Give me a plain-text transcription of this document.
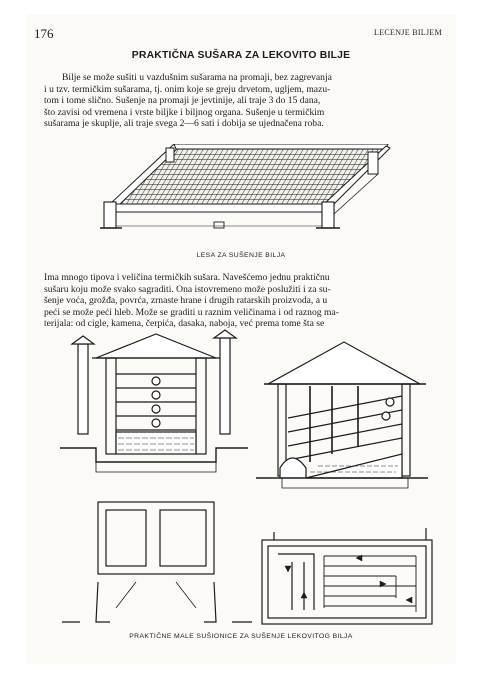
176	LECENJE BILJEM
PRAKTIČNA SUŠARA ZA LEKOVITO BILJE
Bilje se može sušiti u vazdušnim sušarama na promaji, bez zagrevanja
i u tzv. termičkim sušarama, tj. onim koje se greju drvetom, ugljem, mazu-
tom i tome slično. Sušenje na promaji je jevtinije, ali traje 3 do 15 dana,
što zavisi od vremena i vrste biljke i biljnog organa. Sušenje u termičkim
sušarama je skuplje, ali traje svega 2—6 sati i dobija se ujednačena roba.
LESA ZA SUŠENJE BILJA
Ima mnogo tipova i veličina termičkih sušara. Navešćemo jednu praktičnu
sušaru koju može svako sagraditi. Ona istovremeno može poslužiti i za su-
šenje voća, grožđa, povrća, zrnaste hrane i drugih ratarskih proizvoda, a u
peći se može peći hleb. Može se graditi u raznim veličinama i od raznog ma-
terijala: od cigle, kamena, čerpića, dasaka, naboja, već prema tome šta se
PRAKTIČNE MALE SUŠIONICE ZA SUŠENJE LEKOVITOG BILJA
